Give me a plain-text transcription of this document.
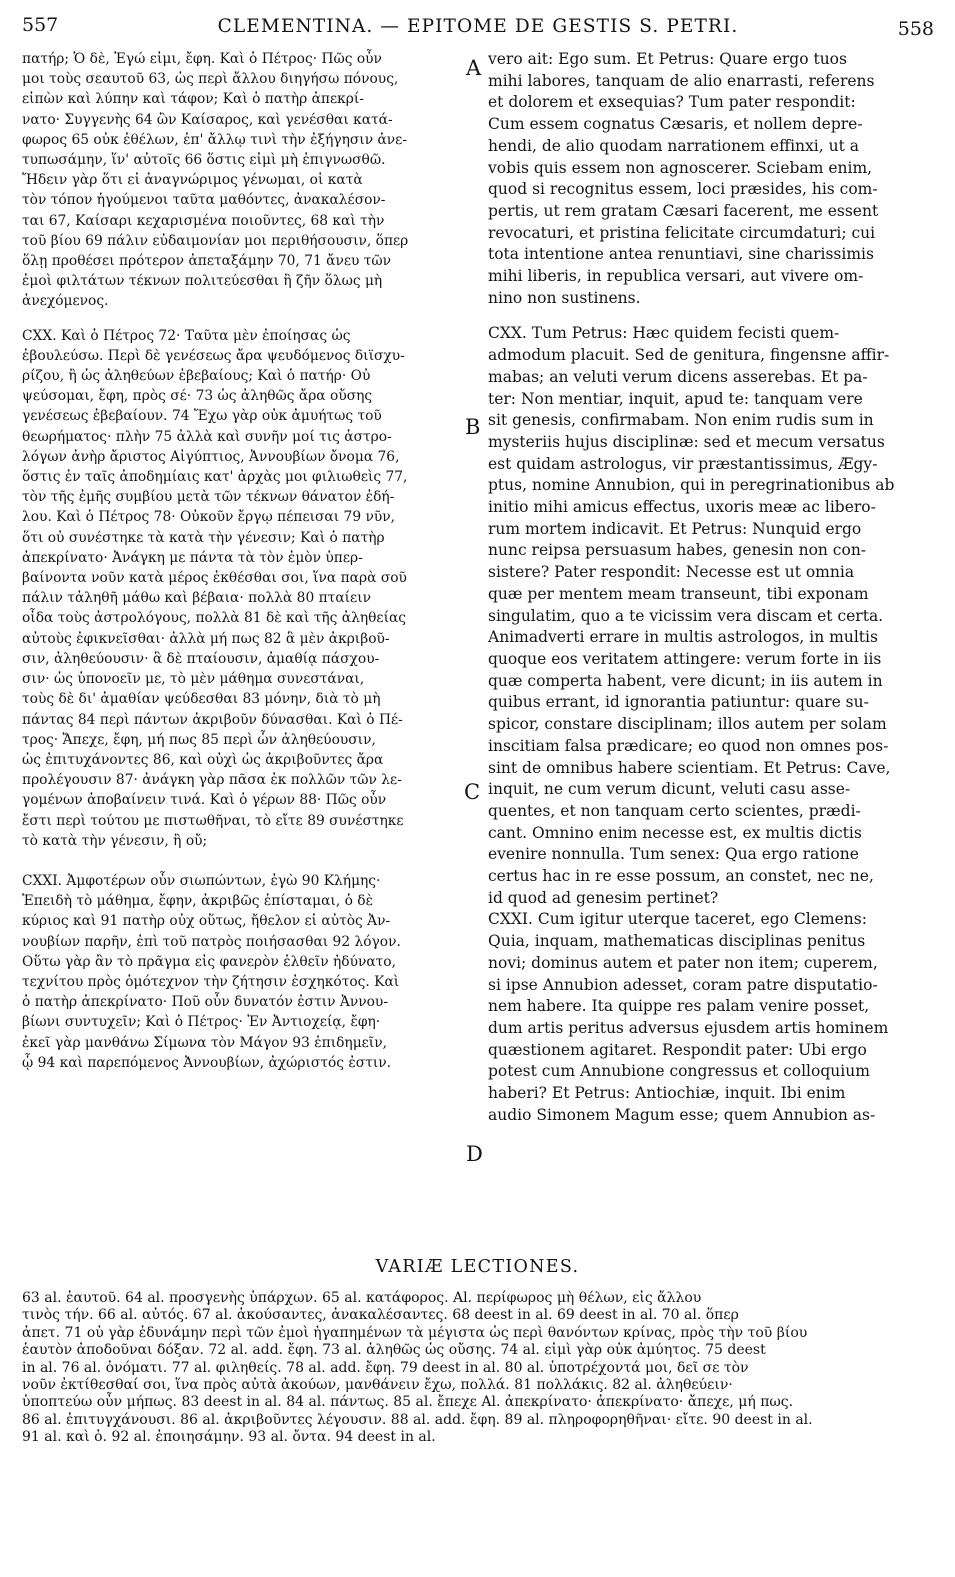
557	CLEMENTINA. — EPITOME DE GESTIS S. PETRI.	558

πατήρ; Ὁ δὲ, Ἐγώ εἰμι, ἔφη. Καὶ ὁ Πέτρος· Πῶς οὖν
μοι τοὺς σεαυτοῦ 63, ὡς περὶ ἄλλου διηγήσω πόνους,
εἰπὼν καὶ λύπην καὶ τάφον; Καὶ ὁ πατὴρ ἀπεκρί-
νατο· Συγγενὴς 64 ὢν Καίσαρος, καὶ γενέσθαι κατά-
φωρος 65 οὐκ ἐθέλων, ἐπ' ἄλλῳ τινὶ τὴν ἐξήγησιν ἀνε-
τυπωσάμην, ἵν' αὐτοῖς 66 ὅστις εἰμὶ μὴ ἐπιγνωσθῶ.
Ἤδειν γὰρ ὅτι εἰ ἀναγνώριμος γένωμαι, οἱ κατὰ
τὸν τόπον ἡγούμενοι ταῦτα μαθόντες, ἀνακαλέσον-
ται 67, Καίσαρι κεχαρισμένα ποιοῦντες, 68 καὶ τὴν
τοῦ βίου 69 πάλιν εὐδαιμονίαν μοι περιθήσουσιν, ὅπερ
ὅλῃ προθέσει πρότερον ἀπεταξάμην 70, 71 ἄνευ τῶν
ἐμοὶ φιλτάτων τέκνων πολιτεύεσθαι ἢ ζῆν ὅλως μὴ
ἀνεχόμενος.

CXX. Καὶ ὁ Πέτρος 72· Ταῦτα μὲν ἐποίησας ὡς
ἐβουλεύσω. Περὶ δὲ γενέσεως ἄρα ψευδόμενος διϊσχυ-
ρίζου, ἢ ὡς ἀληθεύων ἐβεβαίους; Καὶ ὁ πατήρ· Οὐ
ψεύσομαι, ἔφη, πρὸς σέ· 73 ὡς ἀληθῶς ἄρα οὔσης
γενέσεως ἐβεβαίουν. 74 Ἔχω γὰρ οὐκ ἀμυήτως τοῦ
θεωρήματος· πλὴν 75 ἀλλὰ καὶ συνῆν μοί τις ἀστρο-
λόγων ἀνὴρ ἄριστος Αἰγύπτιος, Ἀννουβίων ὄνομα 76,
ὅστις ἐν ταῖς ἀποδημίαις κατ' ἀρχὰς μοι φιλιωθεὶς 77,
τὸν τῆς ἐμῆς συμβίου μετὰ τῶν τέκνων θάνατον ἐδή-
λου. Καὶ ὁ Πέτρος 78· Οὐκοῦν ἔργῳ πέπεισαι 79 νῦν,
ὅτι οὐ συνέστηκε τὰ κατὰ τὴν γένεσιν; Καὶ ὁ πατὴρ
ἀπεκρίνατο· Ἀνάγκη με πάντα τὰ τὸν ἐμὸν ὑπερ-
βαίνοντα νοῦν κατὰ μέρος ἐκθέσθαι σοι, ἵνα παρὰ σοῦ
πάλιν τἀληθῆ μάθω καὶ βέβαια· πολλὰ 80 πταίειν
οἶδα τοὺς ἀστρολόγους, πολλὰ 81 δὲ καὶ τῆς ἀληθείας
αὐτοὺς ἐφικνεῖσθαι· ἀλλὰ μή πως 82 ἃ μὲν ἀκριβοῦ-
σιν, ἀληθεύουσιν· ἃ δὲ πταίουσιν, ἀμαθίᾳ πάσχου-
σιν· ὡς ὑπονοεῖν με, τὸ μὲν μάθημα συνεστάναι,
τοὺς δὲ δι' ἀμαθίαν ψεύδεσθαι 83 μόνην, διὰ τὸ μὴ
πάντας 84 περὶ πάντων ἀκριβοῦν δύνασθαι. Καὶ ὁ Πέ-
τρος· Ἄπεχε, ἔφη, μή πως 85 περὶ ὧν ἀληθεύουσιν,
ὡς ἐπιτυχάνοντες 86, καὶ οὐχὶ ὡς ἀκριβοῦντες ἄρα
προλέγουσιν 87· ἀνάγκη γὰρ πᾶσα ἐκ πολλῶν τῶν λε-
γομένων ἀποβαίνειν τινά. Καὶ ὁ γέρων 88· Πῶς οὖν
ἔστι περὶ τούτου με πιστωθῆναι, τὸ εἴτε 89 συνέστηκε
τὸ κατὰ τὴν γένεσιν, ἢ οὔ;

CXXI. Ἀμφοτέρων οὖν σιωπώντων, ἐγὼ 90 Κλήμης·
Ἐπειδὴ τὸ μάθημα, ἔφην, ἀκριβῶς ἐπίσταμαι, ὁ δὲ
κύριος καὶ 91 πατὴρ οὐχ οὕτως, ἤθελον εἰ αὐτὸς Ἀν-
νουβίων παρῆν, ἐπὶ τοῦ πατρὸς ποιήσασθαι 92 λόγον.
Οὕτω γὰρ ἂν τὸ πρᾶγμα εἰς φανερὸν ἐλθεῖν ἠδύνατο,
τεχνίτου πρὸς ὁμότεχνον τὴν ζήτησιν ἐσχηκότος. Καὶ
ὁ πατὴρ ἀπεκρίνατο· Ποῦ οὖν δυνατόν ἐστιν Ἀννου-
βίωνι συντυχεῖν; Καὶ ὁ Πέτρος· Ἐν Ἀντιοχείᾳ, ἔφη·
ἐκεῖ γὰρ μανθάνω Σίμωνα τὸν Μάγον 93 ἐπιδημεῖν,
ᾧ 94 καὶ παρεπόμενος Ἀννουβίων, ἀχώριστός ἐστιν.

A
B
C
D

vero ait: Ego sum. Et Petrus: Quare ergo tuos
mihi labores, tanquam de alio enarrasti, referens
et dolorem et exsequias? Tum pater respondit:
Cum essem cognatus Cæsaris, et nollem depre-
hendi, de alio quodam narrationem effinxi, ut a
vobis quis essem non agnoscerer. Sciebam enim,
quod si recognitus essem, loci præsides, his com-
pertis, ut rem gratam Cæsari facerent, me essent
revocaturi, et pristina felicitate circumdaturi; cui
tota intentione antea renuntiavi, sine charissimis
mihi liberis, in republica versari, aut vivere om-
nino non sustinens.

CXX. Tum Petrus: Hæc quidem fecisti quem-
admodum placuit. Sed de genitura, fingensne affir-
mabas; an veluti verum dicens asserebas. Et pa-
ter: Non mentiar, inquit, apud te: tanquam vere
sit genesis, confirmabam. Non enim rudis sum in
mysteriis hujus disciplinæ: sed et mecum versatus
est quidam astrologus, vir præstantissimus, Ægy-
ptus, nomine Annubion, qui in peregrinationibus ab
initio mihi amicus effectus, uxoris meæ ac libero-
rum mortem indicavit. Et Petrus: Nunquid ergo
nunc reipsa persuasum habes, genesin non con-
sistere? Pater respondit: Necesse est ut omnia
quæ per mentem meam transeunt, tibi exponam
singulatim, quo a te vicissim vera discam et certa.
Animadverti errare in multis astrologos, in multis
quoque eos veritatem attingere: verum forte in iis
quæ comperta habent, vere dicunt; in iis autem in
quibus errant, id ignorantia patiuntur: quare su-
spicor, constare disciplinam; illos autem per solam
inscitiam falsa prædicare; eo quod non omnes pos-
sint de omnibus habere scientiam. Et Petrus: Cave,
inquit, ne cum verum dicunt, veluti casu asse-
quentes, et non tanquam certo scientes, prædi-
cant. Omnino enim necesse est, ex multis dictis
evenire nonnulla. Tum senex: Qua ergo ratione
certus hac in re esse possum, an constet, nec ne,
id quod ad genesim pertinet?

CXXI. Cum igitur uterque taceret, ego Clemens:
Quia, inquam, mathematicas disciplinas penitus
novi; dominus autem et pater non item; cuperem,
si ipse Annubion adesset, coram patre disputatio-
nem habere. Ita quippe res palam venire posset,
dum artis peritus adversus ejusdem artis hominem
quæstionem agitaret. Respondit pater: Ubi ergo
potest cum Annubione congressus et colloquium
haberi? Et Petrus: Antiochiæ, inquit. Ibi enim
audio Simonem Magum esse; quem Annubion as-

VARIÆ LECTIONES.

63 al. ἑαυτοῦ. 64 al. προσγενὴς ὑπάρχων. 65 al. κατάφορος. Al. περίφωρος μὴ θέλων, εἰς ἄλλου
τινὸς τήν. 66 al. αὐτός. 67 al. ἀκούσαντες, ἀνακαλέσαντες. 68 deest in al. 69 deest in al. 70 al. ὅπερ
ἀπετ. 71 οὐ γὰρ ἐδυνάμην περὶ τῶν ἐμοὶ ἠγαπημένων τὰ μέγιστα ὡς περὶ θανόντων κρίνας, πρὸς τὴν τοῦ βίου
ἑαυτὸν ἀποδοῦναι δόξαν. 72 al. add. ἔφη. 73 al. ἀληθῶς ὡς οὔσης. 74 al. εἰμὶ γὰρ οὐκ ἀμύητος. 75 deest
in al. 76 al. ὀνόματι. 77 al. φιληθείς. 78 al. add. ἔφη. 79 deest in al. 80 al. ὑποτρέχοντά μοι, δεῖ σε τὸν
νοῦν ἐκτίθεσθαί σοι, ἵνα πρὸς αὐτὰ ἀκούων, μανθάνειν ἔχω, πολλά. 81 πολλάκις. 82 al. ἀληθεύειν·
ὑποπτεύω οὖν μήπως. 83 deest in al. 84 al. πάντως. 85 al. ἔπεχε Al. ἀπεκρίνατο· ἀπεκρίνατο· ἄπεχε, μή πως.
86 al. ἐπιτυγχάνουσι. 86 al. ἀκριβοῦντες λέγουσιν. 88 al. add. ἔφη. 89 al. πληροφορηθῆναι· εἴτε. 90 deest in al.
91 al. καὶ ὁ. 92 al. ἐποιησάμην. 93 al. ὄντα. 94 deest in al.
